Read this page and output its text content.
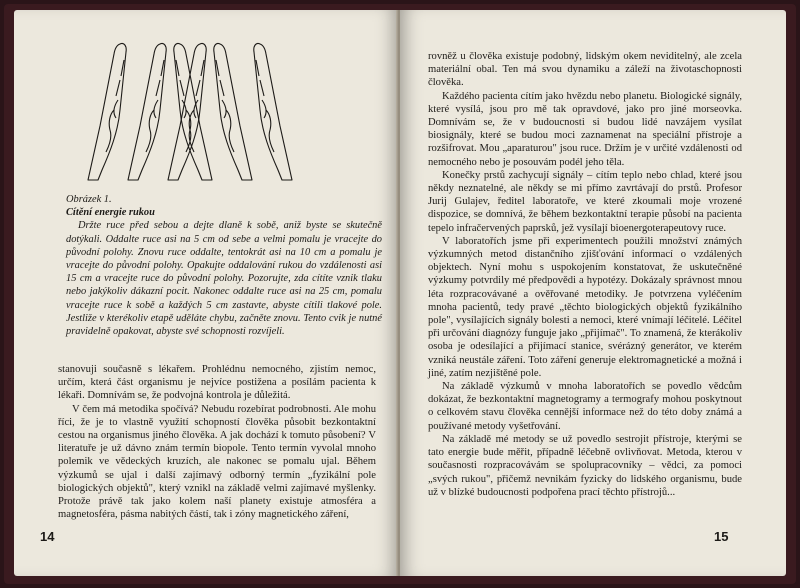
Obrázek 1.
Cítění energie rukou
Držte ruce před sebou a dejte dlaně k sobě, aniž byste se skutečně dotýkali. Oddalte ruce asi na 5 cm od sebe a velmi pomalu je vracejte do původní polohy. Znovu ruce oddalte, tentokrát asi na 10 cm a pomalu je vracejte do původní polohy. Opakujte oddalování rukou do vzdálenosti asi 15 cm a vracejte ruce do původní polohy. Pozorujte, zda cítíte vznik tlaku nebo jakýkoliv dákazní pocit. Nakonec oddalte ruce asi na 25 cm, pomalu vracejte ruce k sobě a každých 5 cm zastavte, abyste cítili tlakové pole. Jestliže v kterékoliv etapě uděláte chybu, začněte znovu. Tento cvik je nutné pravidelně opakovat, abyste své schopnosti rozvíjeli.

stanovuji současně s lékařem. Prohlédnu nemocného, zjistím nemoc, určím, která část organismu je nejvíce postižena a posílám pacienta k lékaři. Domnívám se, že podvojná kontrola je důležitá.

V čem má metodika spočívá? Nebudu rozebírat podrobnosti. Ale mohu říci, že je to vlastně využití schopností člověka působit bezkontaktní cestou na organismus jiného člověka. A jak dochází k tomuto působení? V literatuře je už dávno znám termín biopole. Tento termín vyvolal mnoho polemik ve vědeckých kruzích, ale nakonec se pomalu ujal. Během výzkumů se ujal i další zajímavý odborný termín „fyzikální pole biologických objektů", který vznikl na základě velmi zajímavé myšlenky. Protože právě tak jako kolem naší planety existuje atmosféra a magnetosféra, pásma nabitých částí, tak i zóny magnetického záření,

14

rovněž u člověka existuje podobný, lidským okem neviditelný, ale zcela materiální obal. Ten má svou dynamiku a záleží na životaschopnosti člověka.

Každého pacienta cítím jako hvězdu nebo planetu. Biologické signály, které vysílá, jsou pro mě tak opravdové, jako pro jiné morseovka. Domnívám se, že v budoucnosti si budou lidé navzájem vysílat biosignály, které se budou moci zaznamenat na speciální přístroje a rozšifrovat. Mou „aparaturou" jsou ruce. Držím je v určité vzdálenosti od nemocného nebo je posouvám podél jeho těla.

Konečky prstů zachycují signály – cítím teplo nebo chlad, které jsou někdy neznatelné, ale někdy se mi přímo zavrtávají do prstů. Profesor Jurij Gulajev, ředitel laboratoře, ve které zkoumali moje vrozené dispozice, se domnívá, že během bezkontaktní terapie působí na pacienta tepelo infračervených paprsků, jež vysílají bioenergoterapeutovy ruce.

V laboratořích jsme při experimentech použili množství známých výzkumných metod distančního zjišťování informací o vzdálených objektech. Nyní mohu s uspokojením konstatovat, že uskutečněné výzkumy potvrdily mé předpovědi a hypotézy. Dokázaly správnost mnou léta rozpracovávané a ověřované metodiky. Je potvrzena vyléčením mnoha pacientů, tedy pravé „těchto biologických objektů fyzikálního pole", vysílajících signály bolesti a nemoci, které vnímají léčitelé. Léčitel při určování diagnózy funguje jako „přijímač". To znamená, že kterákoliv osoba je odesílající a přijímací stanice, svérázný generátor, ve kterém vzniká neustále záření. Toto záření generuje elektromagnetické a možná i jiné, zatím nezjištěné pole.

Na základě výzkumů v mnoha laboratořích se povedlo vědcům dokázat, že bezkontaktní magnetogramy a termografy mohou poskytnout o celkovém stavu člověka cennější informace než do této doby známá a používané metody vyšetřování.

Na základě mé metody se už povedlo sestrojit přístroje, kterými se tato energie bude měřit, případně léčebně ovlivňovat. Metoda, kterou v současnosti rozpracovávám se spolupracovníky – vědci, za pomoci „svých rukou", přičemž nevnikám fyzicky do lidského organismu, bude už v blízké budoucnosti podpořena prací těchto přístrojů...

15
